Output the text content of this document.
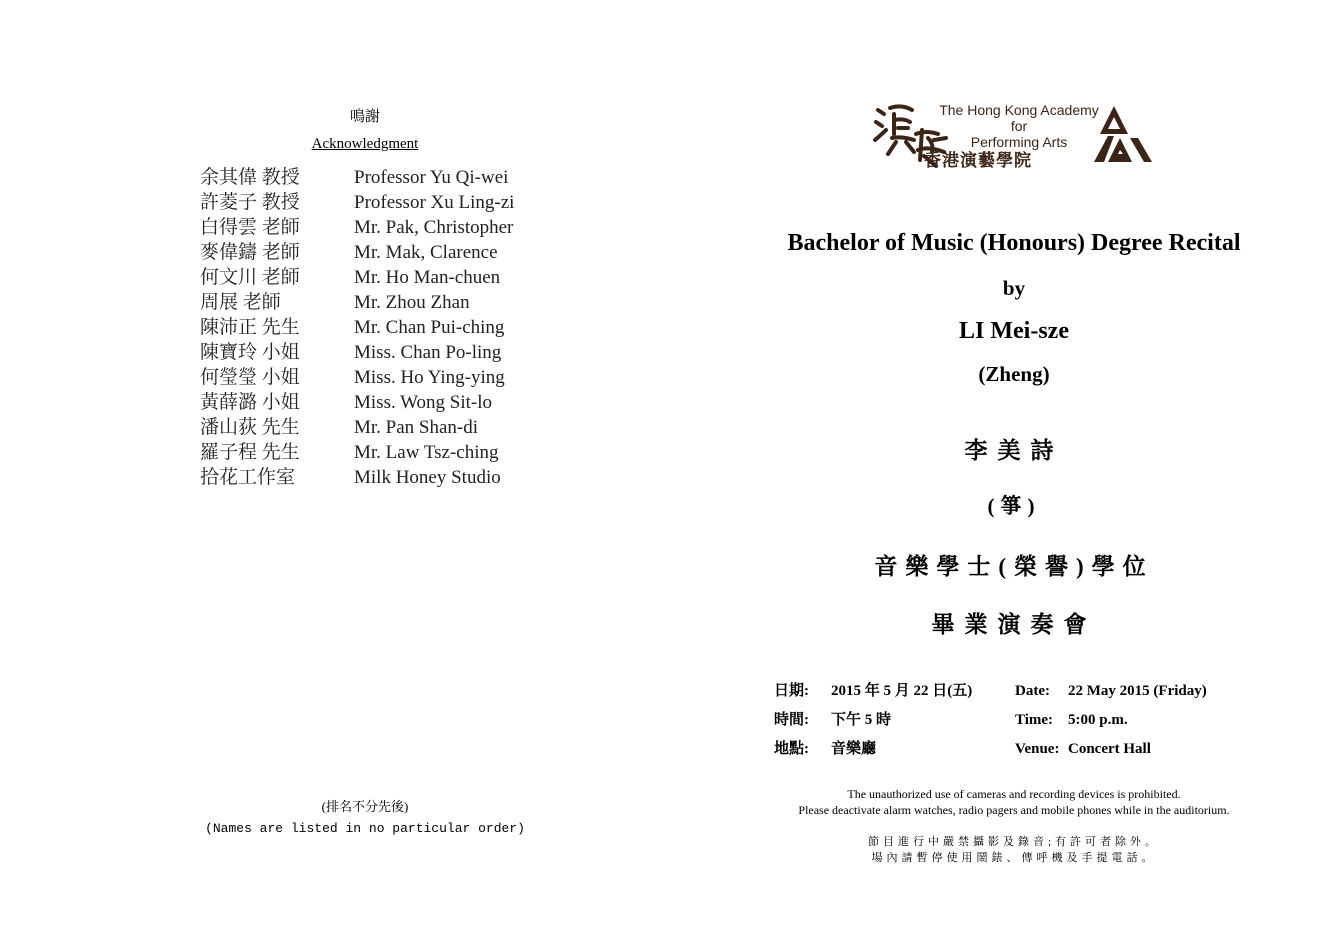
鳴謝
Acknowledgment
余其偉 教授	Professor Yu Qi-wei
許菱子 教授	Professor Xu Ling-zi
白得雲 老師	Mr. Pak, Christopher
麥偉鑄 老師	Mr. Mak, Clarence
何文川 老師	Mr. Ho Man-chuen
周展 老師	Mr. Zhou Zhan
陳沛正 先生	Mr. Chan Pui-ching
陳寶玲 小姐	Miss. Chan Po-ling
何瑩瑩 小姐	Miss. Ho Ying-ying
黃薛潞 小姐	Miss. Wong Sit-lo
潘山荻 先生	Mr. Pan Shan-di
羅子程 先生	Mr. Law Tsz-ching
拾花工作室	Milk Honey Studio
(排名不分先後)
(Names are listed in no particular order)
The Hong Kong Academy
for
Performing Arts
香港演藝學院
Bachelor of Music (Honours) Degree Recital
by
LI Mei-sze
(Zheng)
李美詩
(箏)
音樂學士(榮譽)學位
畢業演奏會
日期: 2015 年 5 月 22 日(五)	Date: 22 May 2015 (Friday)
時間: 下午 5 時	Time: 5:00 p.m.
地點: 音樂廳	Venue: Concert Hall
The unauthorized use of cameras and recording devices is prohibited.
Please deactivate alarm watches, radio pagers and mobile phones while in the auditorium.
節目進行中嚴禁攝影及錄音;有許可者除外。
場內請暫停使用鬧錶、傳呼機及手提電話。
